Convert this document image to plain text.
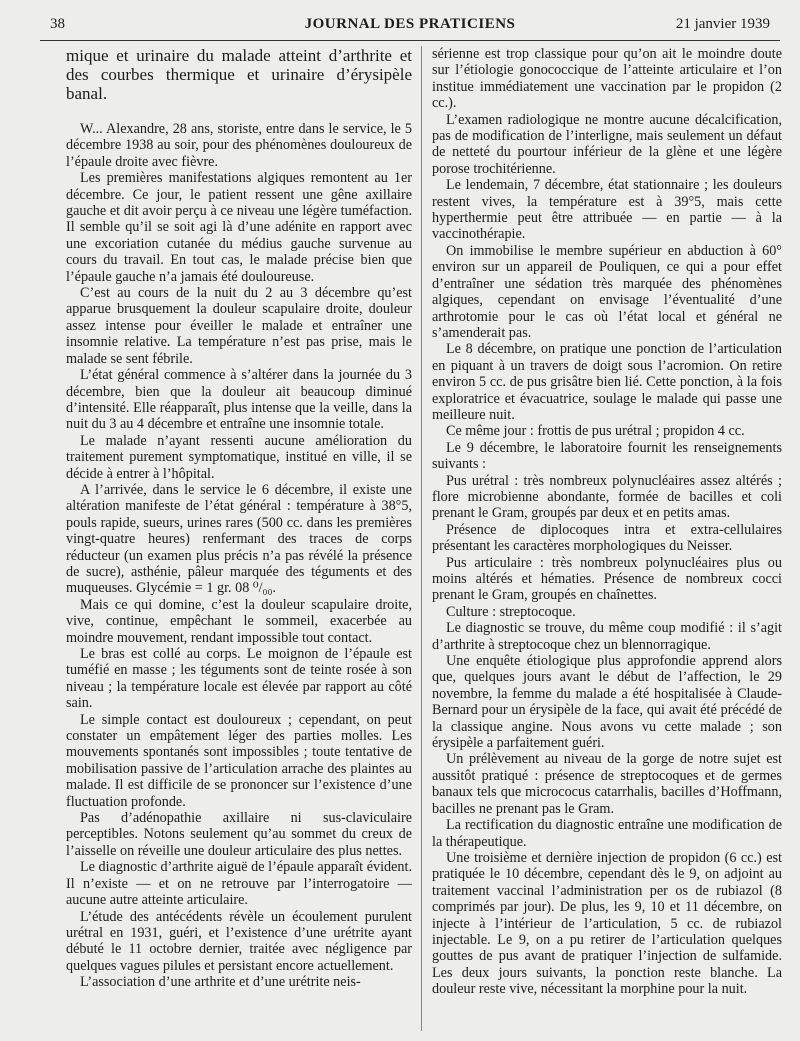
38	JOURNAL DES PRATICIENS	21 janvier 1939

mique et urinaire du malade atteint d’arthrite et des courbes thermique et urinaire d’érysipèle banal.

W... Alexandre, 28 ans, storiste, entre dans le service, le 5 décembre 1938 au soir, pour des phénomènes douloureux de l’épaule droite avec fièvre.

Les premières manifestations algiques remontent au 1er décembre. Ce jour, le patient ressent une gêne axillaire gauche et dit avoir perçu à ce niveau une légère tuméfaction. Il semble qu’il se soit agi là d’une adénite en rapport avec une excoriation cutanée du médius gauche survenue au cours du travail. En tout cas, le malade précise bien que l’épaule gauche n’a jamais été douloureuse.

C’est au cours de la nuit du 2 au 3 décembre qu’est apparue brusquement la douleur scapulaire droite, douleur assez intense pour éveiller le malade et entraîner une insomnie relative. La température n’est pas prise, mais le malade se sent fébrile.

L’état général commence à s’altérer dans la journée du 3 décembre, bien que la douleur ait beaucoup diminué d’intensité. Elle réapparaît, plus intense que la veille, dans la nuit du 3 au 4 décembre et entraîne une insomnie totale.

Le malade n’ayant ressenti aucune amélioration du traitement purement symptomatique, institué en ville, il se décide à entrer à l’hôpital.

A l’arrivée, dans le service le 6 décembre, il existe une altération manifeste de l’état général : température à 38°5, pouls rapide, sueurs, urines rares (500 cc. dans les premières vingt-quatre heures) renfermant des traces de corps réducteur (un examen plus précis n’a pas révélé la présence de sucre), asthénie, pâleur marquée des téguments et des muqueuses. Glycémie = 1 gr. 08 ⁰/₀₀.

Mais ce qui domine, c’est la douleur scapulaire droite, vive, continue, empêchant le sommeil, exacerbée au moindre mouvement, rendant impossible tout contact.

Le bras est collé au corps. Le moignon de l’épaule est tuméfié en masse ; les téguments sont de teinte rosée à son niveau ; la température locale est élevée par rapport au côté sain.

Le simple contact est douloureux ; cependant, on peut constater un empâtement léger des parties molles. Les mouvements spontanés sont impossibles ; toute tentative de mobilisation passive de l’articulation arrache des plaintes au malade. Il est difficile de se prononcer sur l’existence d’une fluctuation profonde.

Pas d’adénopathie axillaire ni sus-claviculaire perceptibles. Notons seulement qu’au sommet du creux de l’aisselle on réveille une douleur articulaire des plus nettes.

Le diagnostic d’arthrite aiguë de l’épaule apparaît évident. Il n’existe — et on ne retrouve par l’interrogatoire — aucune autre atteinte articulaire.

L’étude des antécédents révèle un écoulement purulent urétral en 1931, guéri, et l’existence d’une urétrite ayant débuté le 11 octobre dernier, traitée avec négligence par quelques vagues pilules et persistant encore actuellement.

L’association d’une arthrite et d’une urétrite neis-

sérienne est trop classique pour qu’on ait le moindre doute sur l’étiologie gonococcique de l’atteinte articulaire et l’on institue immédiatement une vaccination par le propidon (2 cc.).

L’examen radiologique ne montre aucune décalcification, pas de modification de l’interligne, mais seulement un défaut de netteté du pourtour inférieur de la glène et une légère porose trochitérienne.

Le lendemain, 7 décembre, état stationnaire ; les douleurs restent vives, la température est à 39°5, mais cette hyperthermie peut être attribuée — en partie — à la vaccinothérapie.

On immobilise le membre supérieur en abduction à 60° environ sur un appareil de Pouliquen, ce qui a pour effet d’entraîner une sédation très marquée des phénomènes algiques, cependant on envisage l’éventualité d’une arthrotomie pour le cas où l’état local et général ne s’amenderait pas.

Le 8 décembre, on pratique une ponction de l’articulation en piquant à un travers de doigt sous l’acromion. On retire environ 5 cc. de pus grisâtre bien lié. Cette ponction, à la fois exploratrice et évacuatrice, soulage le malade qui passe une meilleure nuit.

Ce même jour : frottis de pus urétral ; propidon 4 cc.

Le 9 décembre, le laboratoire fournit les renseignements suivants :

Pus urétral : très nombreux polynucléaires assez altérés ; flore microbienne abondante, formée de bacilles et coli prenant le Gram, groupés par deux et en petits amas.

Présence de diplocoques intra et extra-cellulaires présentant les caractères morphologiques du Neisser.

Pus articulaire : très nombreux polynucléaires plus ou moins altérés et hématies. Présence de nombreux cocci prenant le Gram, groupés en chaînettes.

Culture : streptocoque.

Le diagnostic se trouve, du même coup modifié : il s’agit d’arthrite à streptocoque chez un blennorragique.

Une enquête étiologique plus approfondie apprend alors que, quelques jours avant le début de l’affection, le 29 novembre, la femme du malade a été hospitalisée à Claude-Bernard pour un érysipèle de la face, qui avait été précédé de la classique angine. Nous avons vu cette malade ; son érysipèle a parfaitement guéri.

Un prélèvement au niveau de la gorge de notre sujet est aussitôt pratiqué : présence de streptocoques et de germes banaux tels que micrococus catarrhalis, bacilles d’Hoffmann, bacilles ne prenant pas le Gram.

La rectification du diagnostic entraîne une modification de la thérapeutique.

Une troisième et dernière injection de propidon (6 cc.) est pratiquée le 10 décembre, cependant dès le 9, on adjoint au traitement vaccinal l’administration per os de rubiazol (8 comprimés par jour). De plus, les 9, 10 et 11 décembre, on injecte à l’intérieur de l’articulation, 5 cc. de rubiazol injectable. Le 9, on a pu retirer de l’articulation quelques gouttes de pus avant de pratiquer l’injection de sulfamide. Les deux jours suivants, la ponction reste blanche. La douleur reste vive, nécessitant la morphine pour la nuit.
